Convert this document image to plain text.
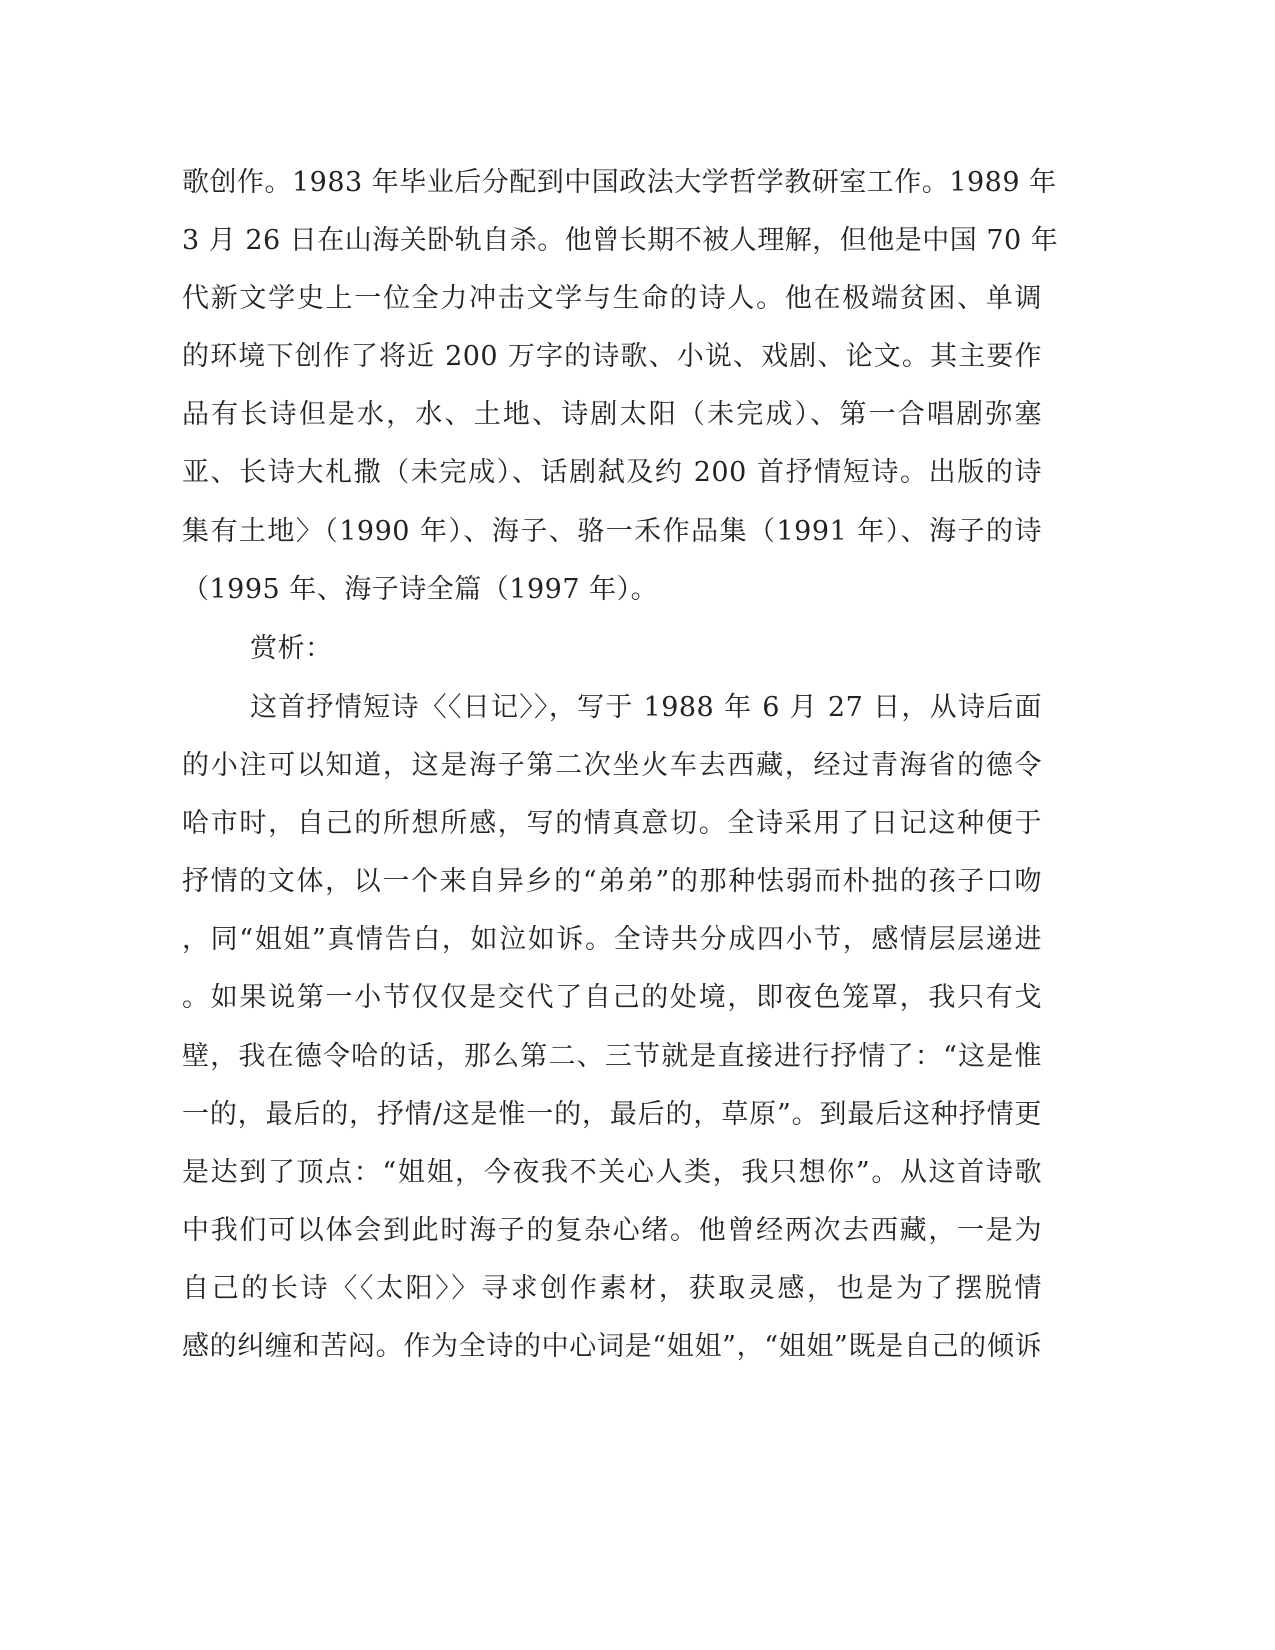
歌创作。1983 年毕业后分配到中国政法大学哲学教研室工作。1989 年
3 月 26 日在山海关卧轨自杀。他曾长期不被人理解，但他是中国 70 年
代新文学史上一位全力冲击文学与生命的诗人。他在极端贫困、单调
的环境下创作了将近 200 万字的诗歌、小说、戏剧、论文。其主要作
品有长诗但是水，水、土地、诗剧太阳（未完成）、第一合唱剧弥塞
亚、长诗大札撒（未完成）、话剧弑及约 200 首抒情短诗。出版的诗
集有土地〉（1990 年）、海子、骆一禾作品集（1991 年）、海子的诗
（1995 年、海子诗全篇（1997 年）。
赏析：
这首抒情短诗〈〈日记〉〉，写于 1988 年 6 月 27 日，从诗后面
的小注可以知道，这是海子第二次坐火车去西藏，经过青海省的德令
哈市时，自己的所想所感，写的情真意切。全诗采用了日记这种便于
抒情的文体，以一个来自异乡的“弟弟”的那种怯弱而朴拙的孩子口吻
，同“姐姐”真情告白，如泣如诉。全诗共分成四小节，感情层层递进
。如果说第一小节仅仅是交代了自己的处境，即夜色笼罩，我只有戈
壁，我在德令哈的话，那么第二、三节就是直接进行抒情了：“这是惟
一的，最后的，抒情/这是惟一的，最后的，草原”。到最后这种抒情更
是达到了顶点：“姐姐，今夜我不关心人类，我只想你”。从这首诗歌
中我们可以体会到此时海子的复杂心绪。他曾经两次去西藏，一是为
自己的长诗〈〈太阳〉〉寻求创作素材，获取灵感，也是为了摆脱情
感的纠缠和苦闷。作为全诗的中心词是“姐姐”，“姐姐”既是自己的倾诉
